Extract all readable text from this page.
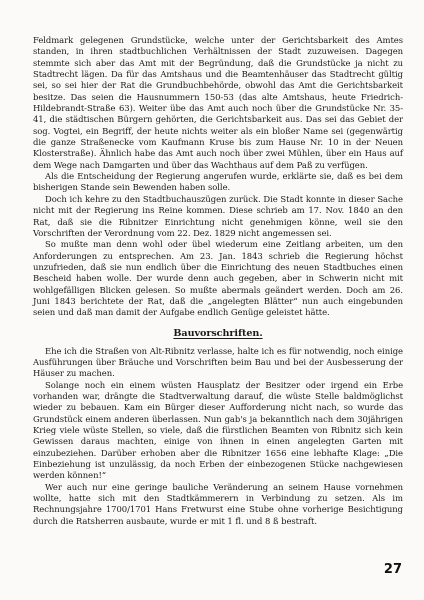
Feldmark gelegenen Grundstücke, welche unter der Gerichtsbarkeit des Amtes standen, in ihren stadtbuchlichen Verhältnissen der Stadt zuzuweisen. Dagegen stemmte sich aber das Amt mit der Begründung, daß die Grundstücke ja nicht zu Stadtrecht lägen. Da für das Amtshaus und die Beamtenhäuser das Stadtrecht gültig sei, so sei hier der Rat die Grundbuchbehörde, obwohl das Amt die Gerichtsbarkeit besitze. Das seien die Hausnummern 150-53 (das alte Amtshaus, heute Friedrich-Hildebrandt-Straße 63). Weiter übe das Amt auch noch über die Grundstücke Nr. 35-41, die städtischen Bürgern gehörten, die Gerichtsbarkeit aus. Das sei das Gebiet der sog. Vogtei, ein Begriff, der heute nichts weiter als ein bloßer Name sei (gegenwärtig die ganze Straßenecke vom Kaufmann Kruse bis zum Hause Nr. 10 in der Neuen Klosterstraße). Ähnlich habe das Amt auch noch über zwei Mühlen, über ein Haus auf dem Wege nach Damgarten und über das Wachthaus auf dem Paß zu verfügen.

Als die Entscheidung der Regierung angerufen wurde, erklärte sie, daß es bei dem bisherigen Stande sein Bewenden haben solle.

Doch ich kehre zu den Stadtbuchauszügen zurück. Die Stadt konnte in dieser Sache nicht mit der Regierung ins Reine kommen. Diese schrieb am 17. Nov. 1840 an den Rat, daß sie die Ribnitzer Einrichtung nicht genehmigen könne, weil sie den Vorschriften der Verordnung vom 22. Dez. 1829 nicht angemessen sei.

So mußte man denn wohl oder übel wiederum eine Zeitlang arbeiten, um den Anforderungen zu entsprechen. Am 23. Jan. 1843 schrieb die Regierung höchst unzufrieden, daß sie nun endlich über die Einrichtung des neuen Stadtbuches einen Bescheid haben wolle. Der wurde denn auch gegeben, aber in Schwerin nicht mit wohlgefälligen Blicken gelesen. So mußte abermals geändert werden. Doch am 26. Juni 1843 berichtete der Rat, daß die „angelegten Blätter“ nun auch eingebunden seien und daß man damit der Aufgabe endlich Genüge geleistet hätte.

Bauvorschriften.

Ehe ich die Straßen von Alt-Ribnitz verlasse, halte ich es für notwendig, noch einige Ausführungen über Bräuche und Vorschriften beim Bau und bei der Ausbesserung der Häuser zu machen.

Solange noch ein einem wüsten Hausplatz der Besitzer oder irgend ein Erbe vorhanden war, drängte die Stadtverwaltung darauf, die wüste Stelle baldmöglichst wieder zu bebauen. Kam ein Bürger dieser Aufforderung nicht nach, so wurde das Grundstück einem anderen überlassen. Nun gab's ja bekanntlich nach dem 30jährigen Krieg viele wüste Stellen, so viele, daß die fürstlichen Beamten von Ribnitz sich kein Gewissen daraus machten, einige von ihnen in einen angelegten Garten mit einzubeziehen. Darüber erhoben aber die Ribnitzer 1656 eine lebhafte Klage: „Die Einbeziehung ist unzulässig, da noch Erben der einbezogenen Stücke nachgewiesen werden können!“

Wer auch nur eine geringe bauliche Veränderung an seinem Hause vornehmen wollte, hatte sich mit den Stadtkämmerern in Verbindung zu setzen. Als im Rechnungsjahre 1700/1701 Hans Fretwurst eine Stube ohne vorherige Besichtigung durch die Ratsherren ausbaute, wurde er mit 1 fl. und 8 ß bestraft.

27
